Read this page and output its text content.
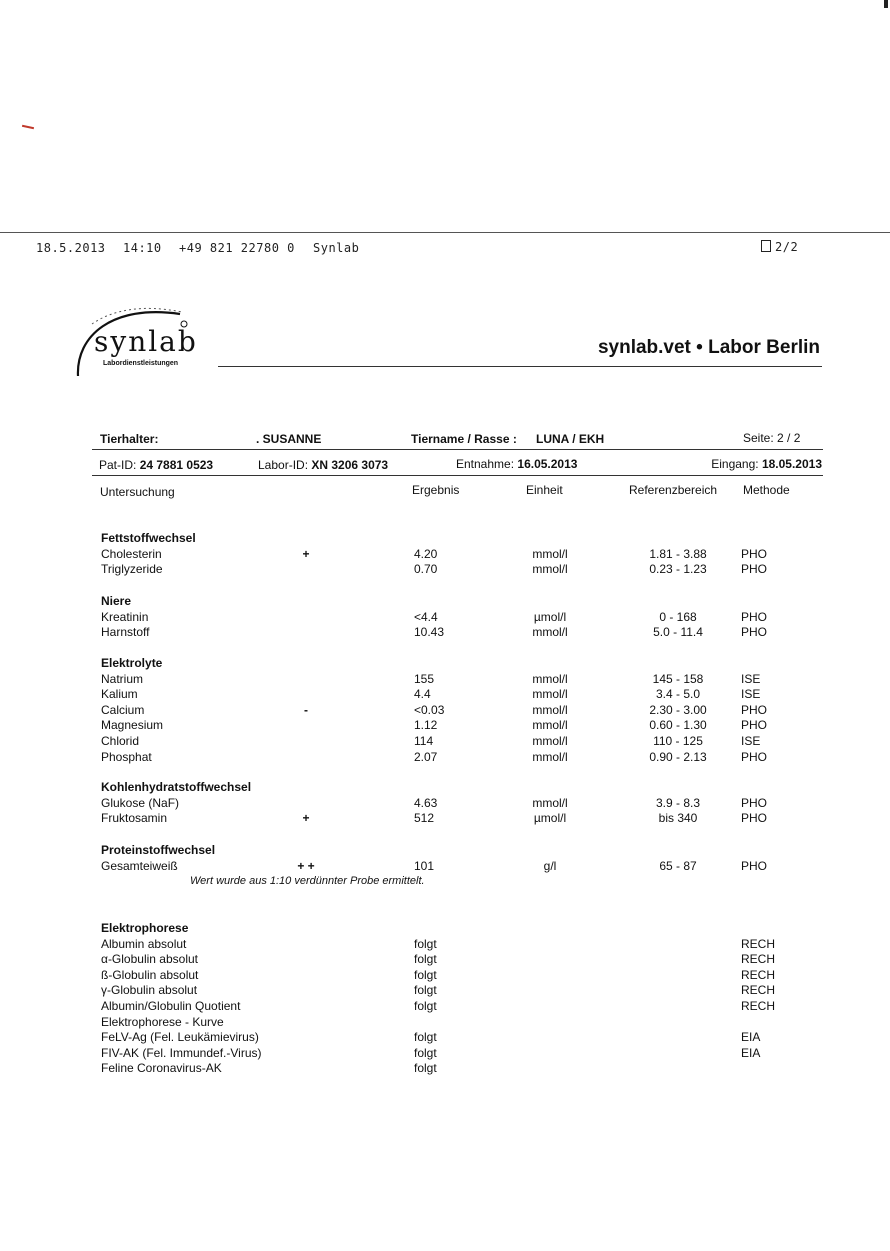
18.5.2013 14:10 +49 821 22780 0 Synlab	2/2
synlab
Labordienstleistungen
synlab.vet • Labor Berlin
Tierhalter:	. SUSANNE	Tiername / Rasse : LUNA / EKH	Seite: 2 / 2
Pat-ID: 24 7881 0523	Labor-ID: XN 3206 3073	Entnahme: 16.05.2013	Eingang: 18.05.2013
Untersuchung	Ergebnis	Einheit	Referenzbereich Methode
Fettstoffwechsel
Cholesterin	+	4.20	mmol/l	1.81 - 3.88	PHO
Triglyzeride	0.70	mmol/l	0.23 - 1.23	PHO
Niere
Kreatinin	<4.4	µmol/l	0 - 168	PHO
Harnstoff	10.43	mmol/l	5.0 - 11.4	PHO
Elektrolyte
Natrium	155	mmol/l	145 - 158	ISE
Kalium	4.4	mmol/l	3.4 - 5.0	ISE
Calcium	-	<0.03	mmol/l	2.30 - 3.00	PHO
Magnesium	1.12	mmol/l	0.60 - 1.30	PHO
Chlorid	114	mmol/l	110 - 125	ISE
Phosphat	2.07	mmol/l	0.90 - 2.13	PHO
Kohlenhydratstoffwechsel
Glukose (NaF)	4.63	mmol/l	3.9 - 8.3	PHO
Fruktosamin	+	512	µmol/l	bis 340	PHO
Proteinstoffwechsel
Gesamteiweiß	+ +	101	g/l	65 - 87	PHO
Wert wurde aus 1:10 verdünnter Probe ermittelt.
Elektrophorese
Albumin absolut	folgt	RECH
α-Globulin absolut	folgt	RECH
ß-Globulin absolut	folgt	RECH
γ-Globulin absolut	folgt	RECH
Albumin/Globulin Quotient	folgt	RECH
Elektrophorese - Kurve
FeLV-Ag (Fel. Leukämievirus)	folgt	EIA
FIV-AK (Fel. Immundef.-Virus)	folgt	EIA
Feline Coronavirus-AK	folgt
